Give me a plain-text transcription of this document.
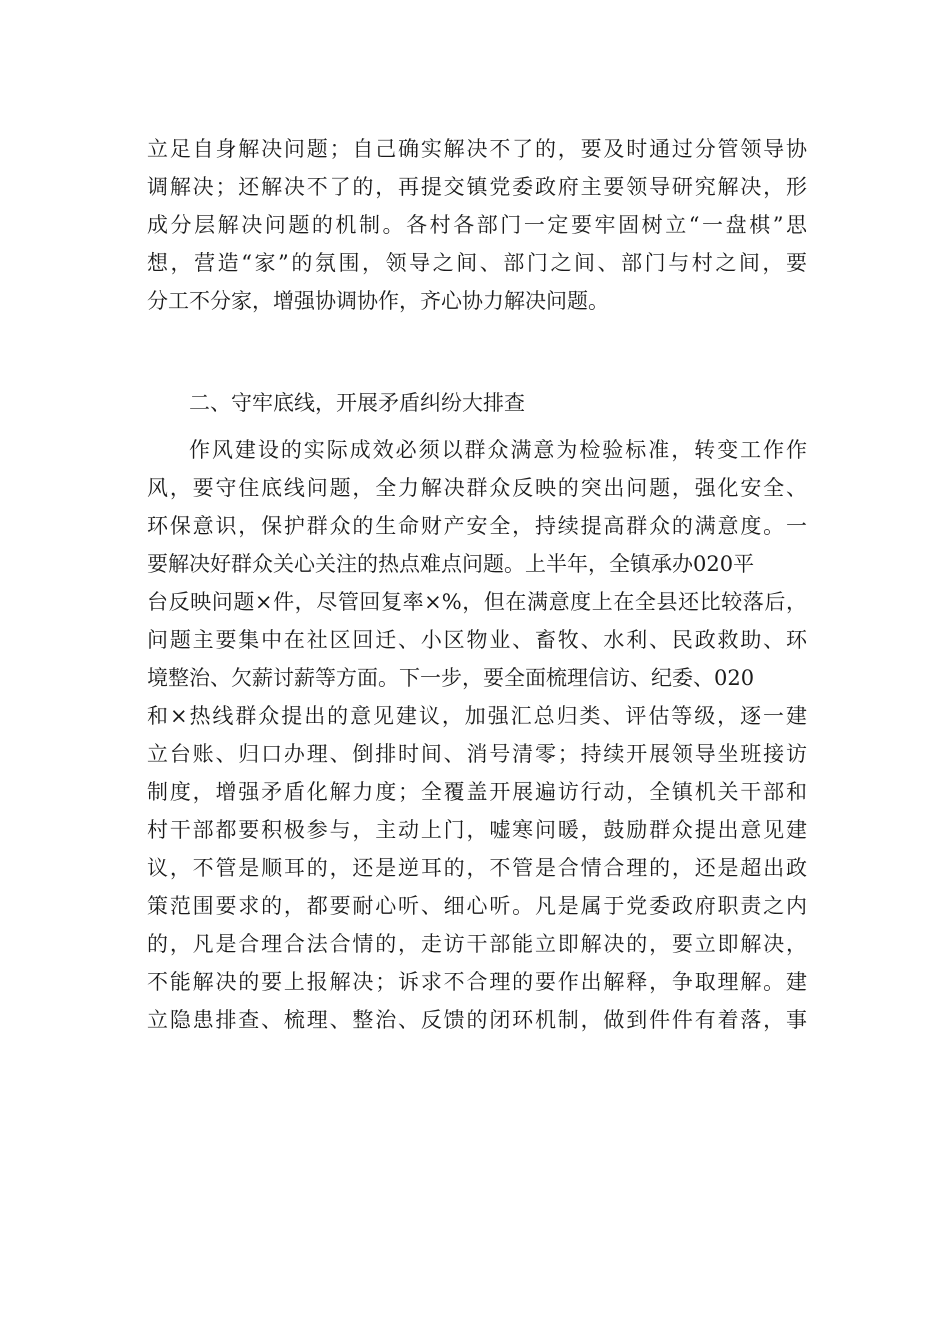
立足自身解决问题；自己确实解决不了的，要及时通过分管领导协
调解决；还解决不了的，再提交镇党委政府主要领导研究解决，形
成分层解决问题的机制。各村各部门一定要牢固树立“一盘棋”思
想，营造“家”的氛围，领导之间、部门之间、部门与村之间，要
分工不分家，增强协调协作，齐心协力解决问题。
二、守牢底线，开展矛盾纠纷大排查
作风建设的实际成效必须以群众满意为检验标准，转变工作作
风，要守住底线问题，全力解决群众反映的突出问题，强化安全、
环保意识，保护群众的生命财产安全，持续提高群众的满意度。一
要解决好群众关心关注的热点难点问题。上半年，全镇承办020平
台反映问题×件，尽管回复率×%，但在满意度上在全县还比较落后，
问题主要集中在社区回迁、小区物业、畜牧、水利、民政救助、环
境整治、欠薪讨薪等方面。下一步，要全面梳理信访、纪委、020
和×热线群众提出的意见建议，加强汇总归类、评估等级，逐一建
立台账、归口办理、倒排时间、消号清零；持续开展领导坐班接访
制度，增强矛盾化解力度；全覆盖开展遍访行动，全镇机关干部和
村干部都要积极参与，主动上门，嘘寒问暖，鼓励群众提出意见建
议，不管是顺耳的，还是逆耳的，不管是合情合理的，还是超出政
策范围要求的，都要耐心听、细心听。凡是属于党委政府职责之内
的，凡是合理合法合情的，走访干部能立即解决的，要立即解决，
不能解决的要上报解决；诉求不合理的要作出解释，争取理解。建
立隐患排查、梳理、整治、反馈的闭环机制，做到件件有着落，事
